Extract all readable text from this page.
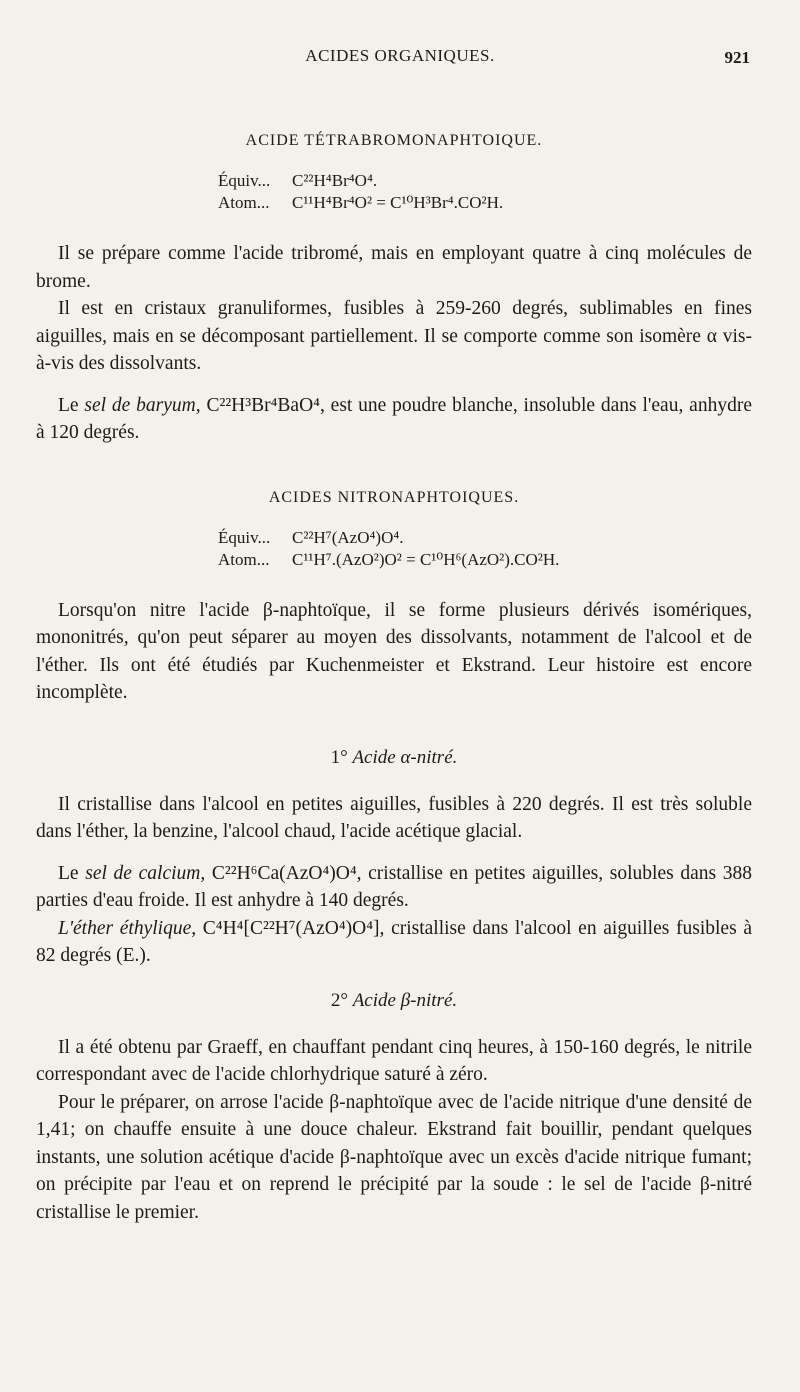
ACIDES ORGANIQUES.	921
ACIDE TÉTRABROMONAPHTOIQUE.
Équiv...	C²²H⁴Br⁴O⁴.
Atom...	C¹¹H⁴Br⁴O² = C¹⁰H³Br⁴.CO²H.

Il se prépare comme l'acide tribromé, mais en employant quatre à cinq molécules de brome.

Il est en cristaux granuliformes, fusibles à 259-260 degrés, sublimables en fines aiguilles, mais en se décomposant partiellement. Il se comporte comme son isomère α vis-à-vis des dissolvants.

Le sel de baryum, C²²H³Br⁴BaO⁴, est une poudre blanche, insoluble dans l'eau, anhydre à 120 degrés.

ACIDES NITRONAPHTOIQUES.
Équiv...	C²²H⁷(AzO⁴)O⁴.
Atom...	C¹¹H⁷.(AzO²)O² = C¹⁰H⁶(AzO²).CO²H.

Lorsqu'on nitre l'acide β-naphtoïque, il se forme plusieurs dérivés isomériques, mononitrés, qu'on peut séparer au moyen des dissolvants, notamment de l'alcool et de l'éther. Ils ont été étudiés par Kuchenmeister et Ekstrand. Leur histoire est encore incomplète.

1° Acide α-nitré.

Il cristallise dans l'alcool en petites aiguilles, fusibles à 220 degrés. Il est très soluble dans l'éther, la benzine, l'alcool chaud, l'acide acétique glacial.

Le sel de calcium, C²²H⁶Ca(AzO⁴)O⁴, cristallise en petites aiguilles, solubles dans 388 parties d'eau froide. Il est anhydre à 140 degrés.

L'éther éthylique, C⁴H⁴[C²²H⁷(AzO⁴)O⁴], cristallise dans l'alcool en aiguilles fusibles à 82 degrés (E.).

2° Acide β-nitré.

Il a été obtenu par Graeff, en chauffant pendant cinq heures, à 150-160 degrés, le nitrile correspondant avec de l'acide chlorhydrique saturé à zéro.

Pour le préparer, on arrose l'acide β-naphtoïque avec de l'acide nitrique d'une densité de 1,41; on chauffe ensuite à une douce chaleur. Ekstrand fait bouillir, pendant quelques instants, une solution acétique d'acide β-naphtoïque avec un excès d'acide nitrique fumant; on précipite par l'eau et on reprend le précipité par la soude : le sel de l'acide β-nitré cristallise le premier.
